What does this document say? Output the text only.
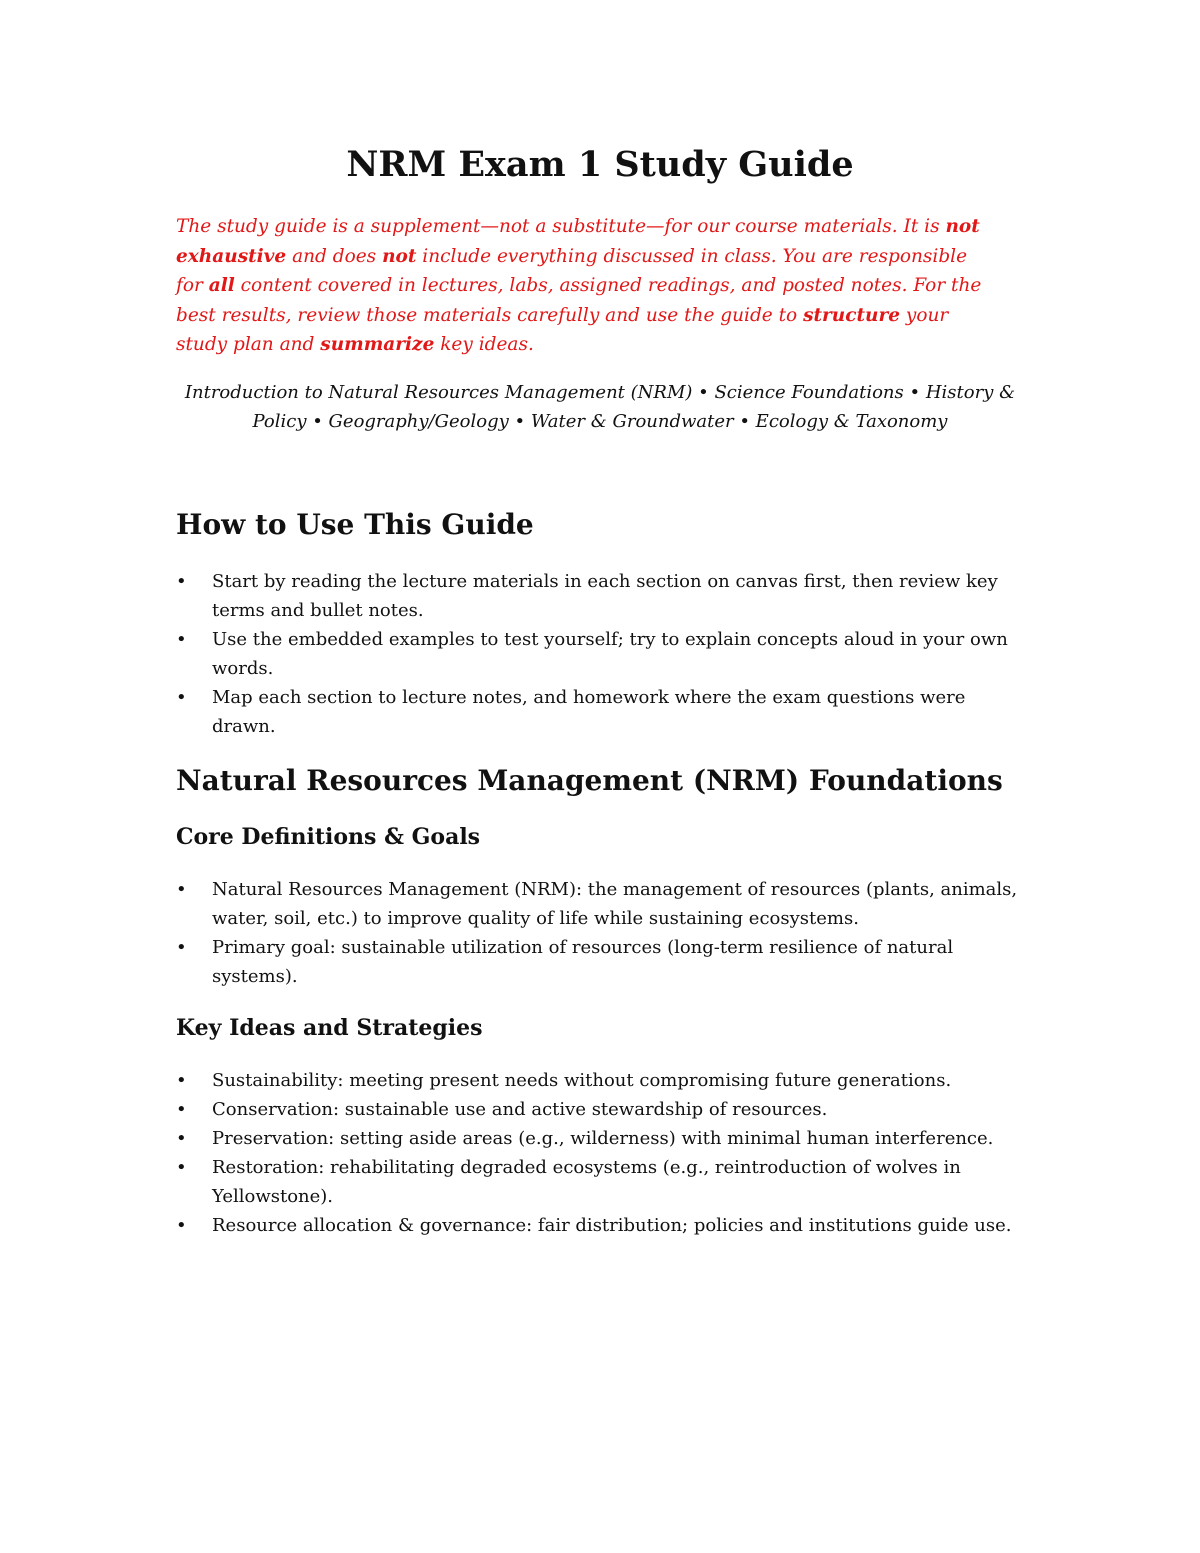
NRM Exam 1 Study Guide

The study guide is a supplement—not a substitute—for our course materials. It is not exhaustive and does not include everything discussed in class. You are responsible for all content covered in lectures, labs, assigned readings, and posted notes. For the best results, review those materials carefully and use the guide to structure your study plan and summarize key ideas.

Introduction to Natural Resources Management (NRM) • Science Foundations • History & Policy • Geography/Geology • Water & Groundwater • Ecology & Taxonomy

How to Use This Guide
• Start by reading the lecture materials in each section on canvas first, then review key terms and bullet notes.
• Use the embedded examples to test yourself; try to explain concepts aloud in your own words.
• Map each section to lecture notes, and homework where the exam questions were drawn.
Natural Resources Management (NRM) Foundations
Core Definitions & Goals
• Natural Resources Management (NRM): the management of resources (plants, animals, water, soil, etc.) to improve quality of life while sustaining ecosystems.
• Primary goal: sustainable utilization of resources (long-term resilience of natural systems).
Key Ideas and Strategies
• Sustainability: meeting present needs without compromising future generations.
• Conservation: sustainable use and active stewardship of resources.
• Preservation: setting aside areas (e.g., wilderness) with minimal human interference.
• Restoration: rehabilitating degraded ecosystems (e.g., reintroduction of wolves in Yellowstone).
• Resource allocation & governance: fair distribution; policies and institutions guide use.
